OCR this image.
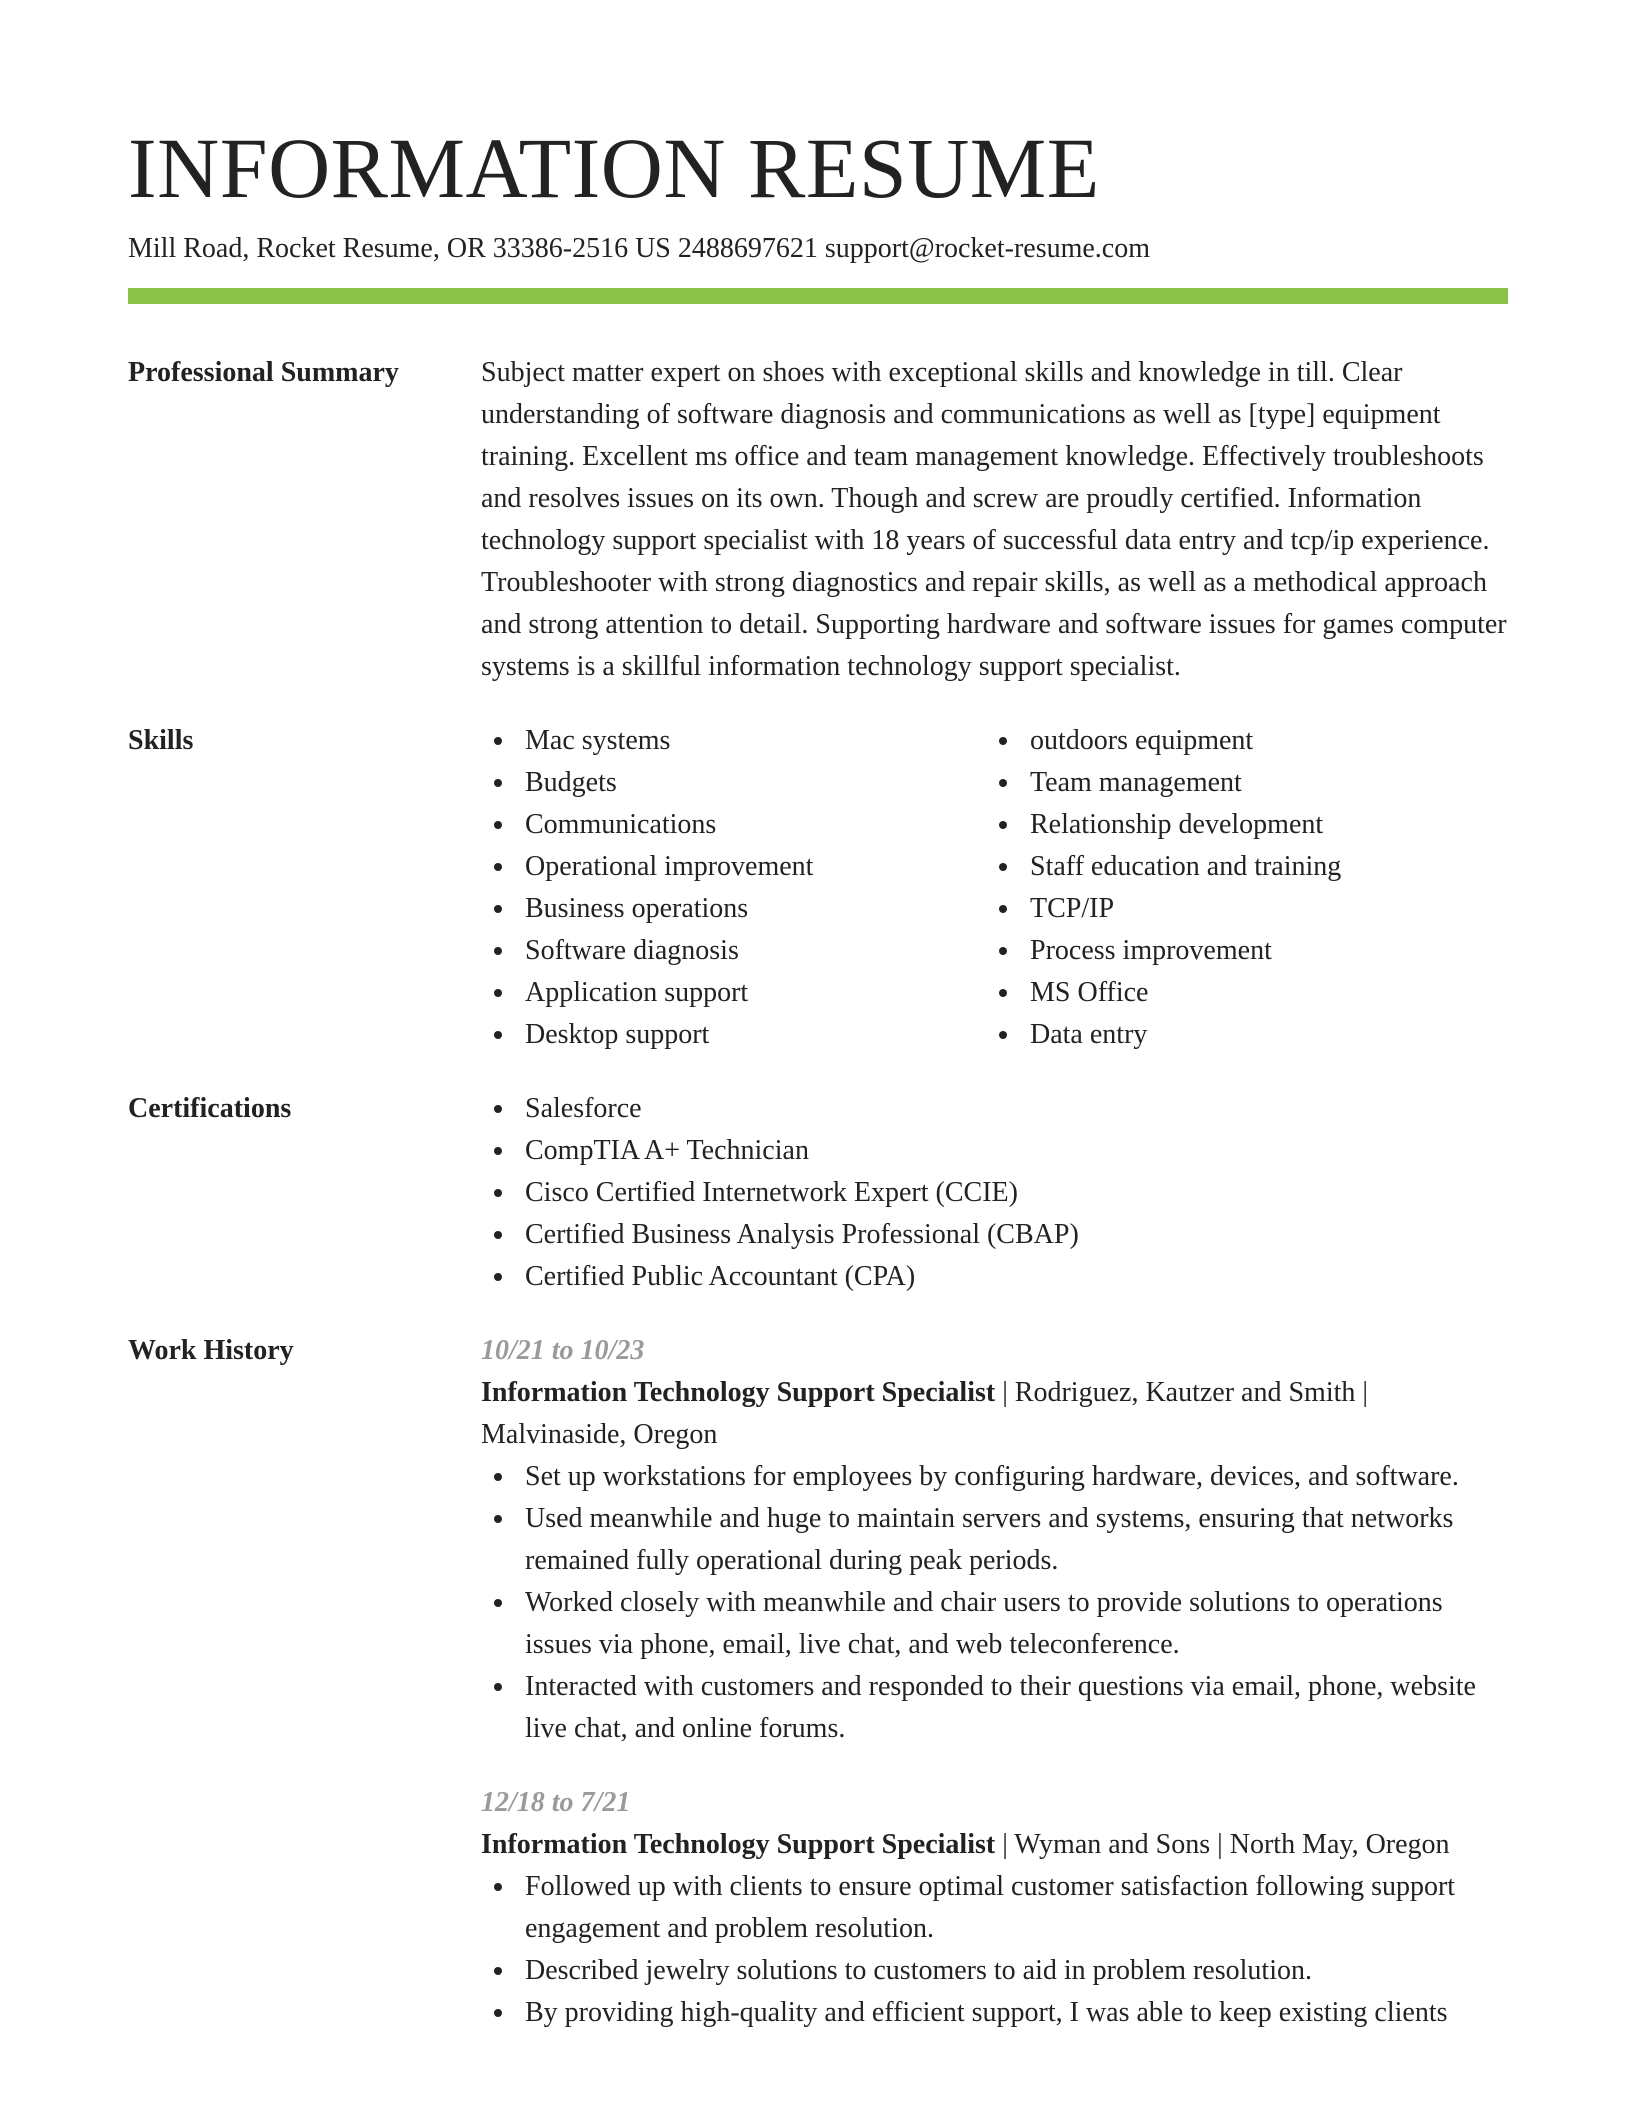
INFORMATION RESUME
Mill Road, Rocket Resume, OR 33386-2516 US 2488697621 support@rocket-resume.com
Professional Summary	Subject matter expert on shoes with exceptional skills and knowledge in till. Clear understanding of software diagnosis and communications as well as [type] equipment training. Excellent ms office and team management knowledge. Effectively troubleshoots and resolves issues on its own. Though and screw are proudly certified. Information technology support specialist with 18 years of successful data entry and tcp/ip experience. Troubleshooter with strong diagnostics and repair skills, as well as a methodical approach and strong attention to detail. Supporting hardware and software issues for games computer systems is a skillful information technology support specialist.
Skills	Mac systems
Budgets
Communications
Operational improvement
Business operations
Software diagnosis
Application support
Desktop support
outdoors equipment
Team management
Relationship development
Staff education and training
TCP/IP
Process improvement
MS Office
Data entry
Certifications	Salesforce
CompTIA A+ Technician
Cisco Certified Internetwork Expert (CCIE)
Certified Business Analysis Professional (CBAP)
Certified Public Accountant (CPA)
Work History	10/21 to 10/23
Information Technology Support Specialist | Rodriguez, Kautzer and Smith | Malvinaside, Oregon
Set up workstations for employees by configuring hardware, devices, and software.
Used meanwhile and huge to maintain servers and systems, ensuring that networks remained fully operational during peak periods.
Worked closely with meanwhile and chair users to provide solutions to operations issues via phone, email, live chat, and web teleconference.
Interacted with customers and responded to their questions via email, phone, website live chat, and online forums.
12/18 to 7/21
Information Technology Support Specialist | Wyman and Sons | North May, Oregon
Followed up with clients to ensure optimal customer satisfaction following support engagement and problem resolution.
Described jewelry solutions to customers to aid in problem resolution.
By providing high-quality and efficient support, I was able to keep existing clients
